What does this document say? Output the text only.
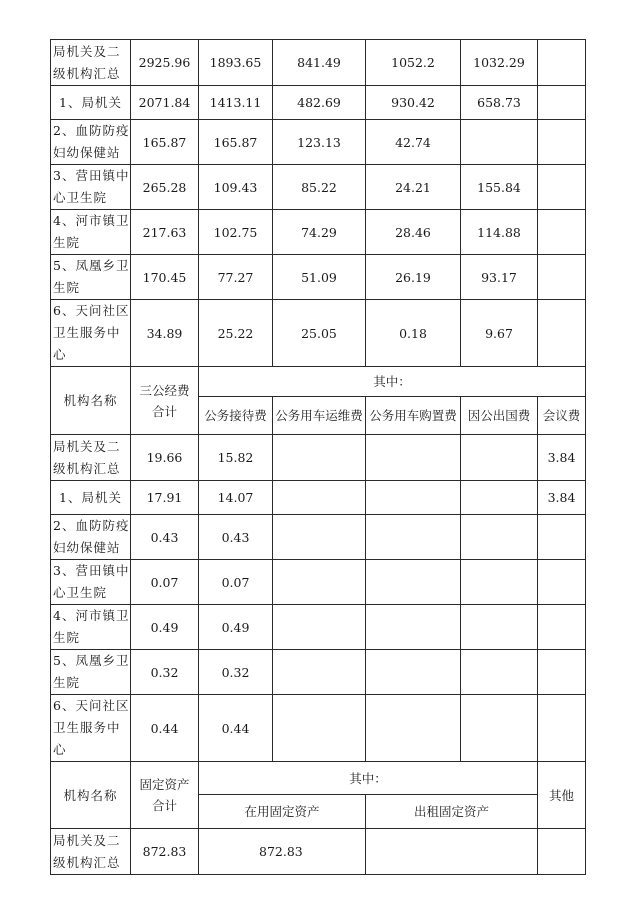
局机关及二级机构汇总	2925.96	1893.65	841.49	1052.2	1032.29	
1、局机关	2071.84	1413.11	482.69	930.42	658.73	
2、血防防疫妇幼保健站	165.87	165.87	123.13	42.74		
3、营田镇中心卫生院	265.28	109.43	85.22	24.21	155.84	
4、河市镇卫生院	217.63	102.75	74.29	28.46	114.88	
5、凤凰乡卫生院	170.45	77.27	51.09	26.19	93.17	
6、天问社区卫生服务中心	34.89	25.22	25.05	0.18	9.67	
机构名称	三公经费合计	其中：				
		公务接待费	公务用车运维费	公务用车购置费	因公出国费	会议费
局机关及二级机构汇总	19.66	15.82				3.84
1、局机关	17.91	14.07				3.84
2、血防防疫妇幼保健站	0.43	0.43				
3、营田镇中心卫生院	0.07	0.07				
4、河市镇卫生院	0.49	0.49				
5、凤凰乡卫生院	0.32	0.32				
6、天问社区卫生服务中心	0.44	0.44				
机构名称	固定资产合计	其中：				其他
		在用固定资产		出租固定资产		
局机关及二级机构汇总	872.83	872.83				
